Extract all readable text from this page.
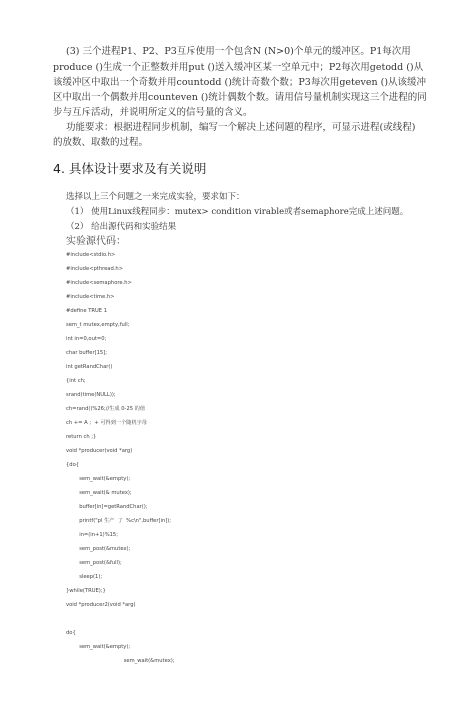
(3) 三个进程P1、P2、P3互斥使用一个包含N (N>0)个单元的缓冲区。P1每次用
produce ()生成一个正整数并用put ()送入缓冲区某一空单元中；P2每次用getodd ()从
该缓冲区中取出一个奇数并用countodd ()统计奇数个数；P3每次用geteven ()从该缓冲
区中取出一个偶数并用counteven ()统计偶数个数。请用信号量机制实现这三个进程的同
步与互斥活动，并说明所定义的信号量的含义。
功能要求：根据进程同步机制，编写一个解决上述问题的程序，可显示进程(或线程)
的放数、取数的过程。
4. 具体设计要求及有关说明
选择以上三个问题之一来完成实验，要求如下：
（1） 使用Linux线程同步：mutex> condition virable或者semaphore完成上述问题。
（2） 给出源代码和实验结果
实验源代码：
#include<stdio.h>
#include<pthread.h>
#include<semaphore.h>
#include<time.h>
#define TRUE 1
sem_t mutex,empty,full;
int in=0,out=0;
char buffer[15];
int getRandChar()
{int ch;
srand(time(NULL));
ch=rand()%26;//生成 0-25 的值
ch += A ;  + 可得到一个随机字母
return ch ;}
void *producer(void *arg)
{do{
sem_wait(&empty);
sem_wait(& mutex);
buffer[in]=getRandChar();
printf("pl 生产  了  %c\n",buffer[in]);
in=(in+1)%15;
sem_post(&mutex);
sem_post(&full);
sleep(1);
}while(TRUE);}
void *producer2(void *arg)
do{
sem_wait(&empty);
sem_wait(&mutex);
